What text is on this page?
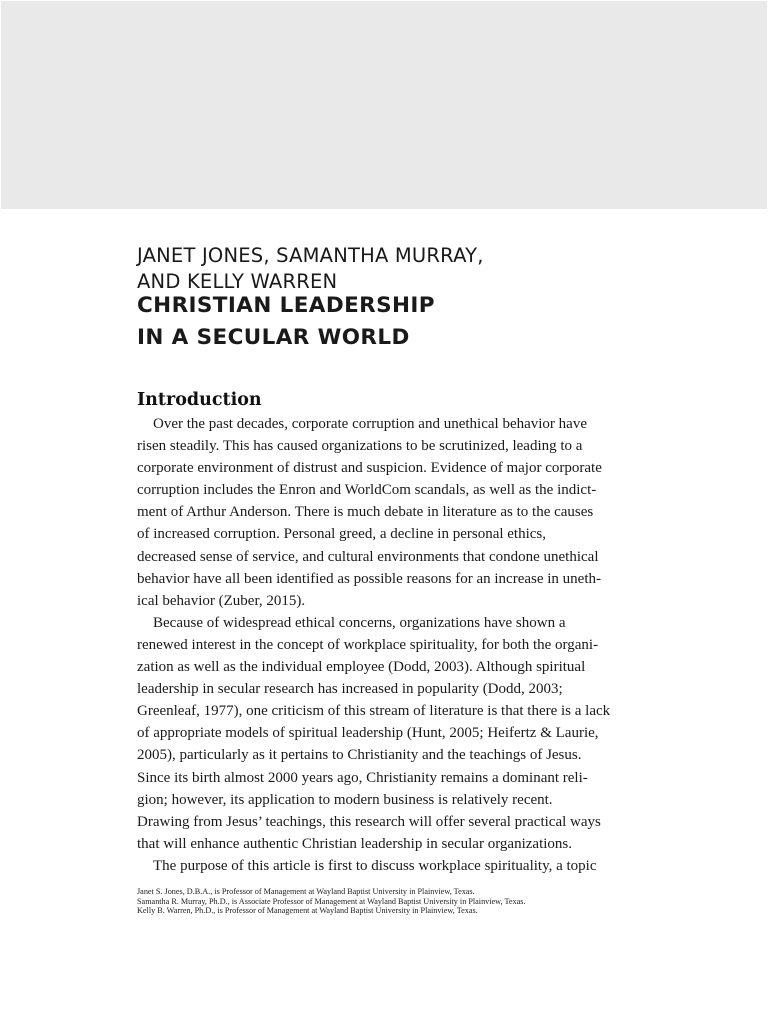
JANET JONES, SAMANTHA MURRAY,
AND KELLY WARREN
CHRISTIAN LEADERSHIP
IN A SECULAR WORLD
Introduction
Over the past decades, corporate corruption and unethical behavior have
risen steadily. This has caused organizations to be scrutinized, leading to a
corporate environment of distrust and suspicion. Evidence of major corporate
corruption includes the Enron and WorldCom scandals, as well as the indict-
ment of Arthur Anderson. There is much debate in literature as to the causes
of increased corruption. Personal greed, a decline in personal ethics,
decreased sense of service, and cultural environments that condone unethical
behavior have all been identified as possible reasons for an increase in uneth-
ical behavior (Zuber, 2015).
Because of widespread ethical concerns, organizations have shown a
renewed interest in the concept of workplace spirituality, for both the organi-
zation as well as the individual employee (Dodd, 2003). Although spiritual
leadership in secular research has increased in popularity (Dodd, 2003;
Greenleaf, 1977), one criticism of this stream of literature is that there is a lack
of appropriate models of spiritual leadership (Hunt, 2005; Heifertz & Laurie,
2005), particularly as it pertains to Christianity and the teachings of Jesus.
Since its birth almost 2000 years ago, Christianity remains a dominant reli-
gion; however, its application to modern business is relatively recent.
Drawing from Jesus’ teachings, this research will offer several practical ways
that will enhance authentic Christian leadership in secular organizations.
The purpose of this article is first to discuss workplace spirituality, a topic
Janet S. Jones, D.B.A., is Professor of Management at Wayland Baptist University in Plainview, Texas.
Samantha R. Murray, Ph.D., is Associate Professor of Management at Wayland Baptist University in Plainview, Texas.
Kelly B. Warren, Ph.D., is Professor of Management at Wayland Baptist University in Plainview, Texas.
